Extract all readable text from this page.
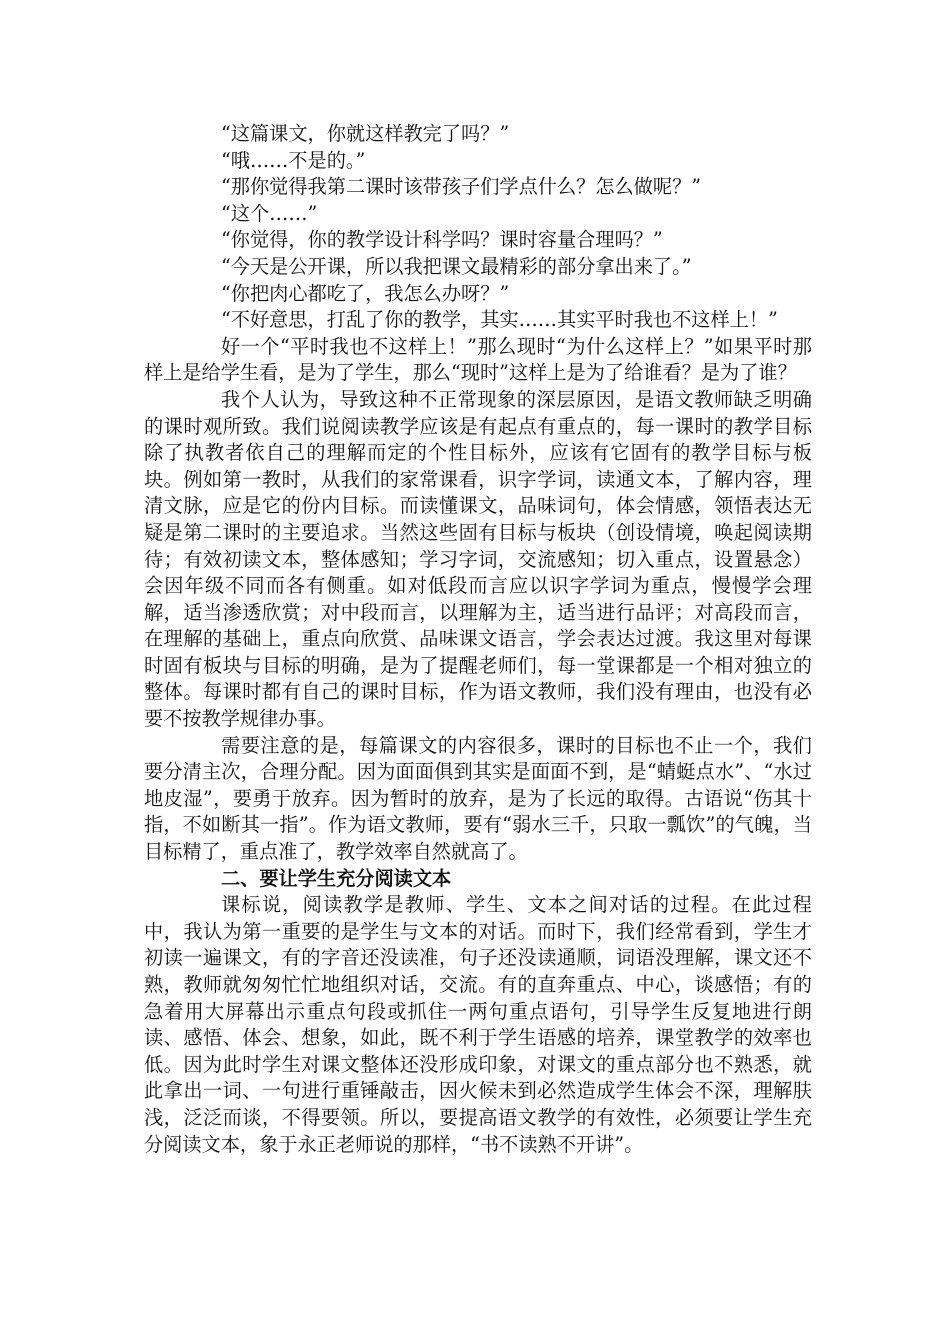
“这篇课文，你就这样教完了吗？”

“哦……不是的。”

“那你觉得我第二课时该带孩子们学点什么？怎么做呢？”

“这个……”

“你觉得，你的教学设计科学吗？课时容量合理吗？”

“今天是公开课，所以我把课文最精彩的部分拿出来了。”

“你把肉心都吃了，我怎么办呀？”

“不好意思，打乱了你的教学，其实……其实平时我也不这样上！”

好一个“平时我也不这样上！”那么现时“为什么这样上？”如果平时那样上是给学生看，是为了学生，那么“现时”这样上是为了给谁看？是为了谁？

我个人认为，导致这种不正常现象的深层原因，是语文教师缺乏明确的课时观所致。我们说阅读教学应该是有起点有重点的，每一课时的教学目标除了执教者依自己的理解而定的个性目标外，应该有它固有的教学目标与板块。例如第一教时，从我们的家常课看，识字学词，读通文本，了解内容，理清文脉，应是它的份内目标。而读懂课文，品味词句，体会情感，领悟表达无疑是第二课时的主要追求。当然这些固有目标与板块（创设情境，唤起阅读期待；有效初读文本，整体感知；学习字词，交流感知；切入重点，设置悬念）会因年级不同而各有侧重。如对低段而言应以识字学词为重点，慢慢学会理解，适当渗透欣赏；对中段而言，以理解为主，适当进行品评；对高段而言，在理解的基础上，重点向欣赏、品味课文语言，学会表达过渡。我这里对每课时固有板块与目标的明确，是为了提醒老师们，每一堂课都是一个相对独立的整体。每课时都有自己的课时目标，作为语文教师，我们没有理由，也没有必要不按教学规律办事。

需要注意的是，每篇课文的内容很多，课时的目标也不止一个，我们要分清主次，合理分配。因为面面俱到其实是面面不到，是“蜻蜓点水”、“水过地皮湿”，要勇于放弃。因为暂时的放弃，是为了长远的取得。古语说“伤其十指，不如断其一指”。作为语文教师，要有“弱水三千，只取一瓢饮”的气魄，当目标精了，重点准了，教学效率自然就高了。

二、要让学生充分阅读文本

课标说，阅读教学是教师、学生、文本之间对话的过程。在此过程中，我认为第一重要的是学生与文本的对话。而时下，我们经常看到，学生才初读一遍课文，有的字音还没读准，句子还没读通顺，词语没理解，课文还不熟，教师就匆匆忙忙地组织对话，交流。有的直奔重点、中心，谈感悟；有的急着用大屏幕出示重点句段或抓住一两句重点语句，引导学生反复地进行朗读、感悟、体会、想象，如此，既不利于学生语感的培养，课堂教学的效率也低。因为此时学生对课文整体还没形成印象，对课文的重点部分也不熟悉，就此拿出一词、一句进行重锤敲击，因火候未到必然造成学生体会不深，理解肤浅，泛泛而谈，不得要领。所以，要提高语文教学的有效性，必须要让学生充分阅读文本，象于永正老师说的那样，“书不读熟不开讲”。
